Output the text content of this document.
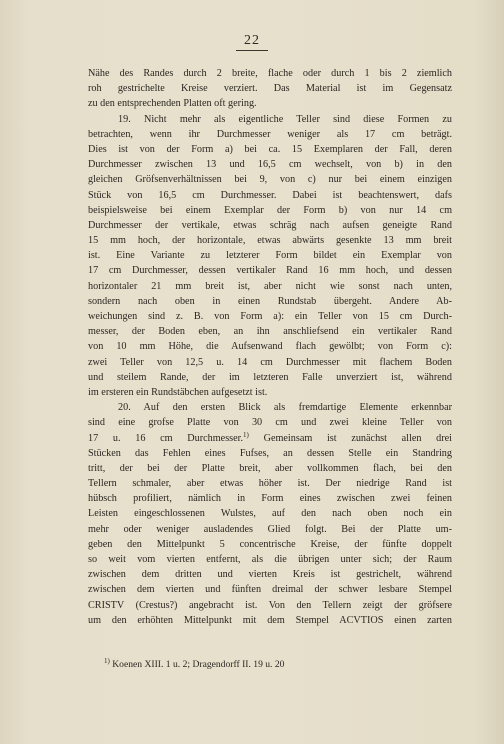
22
Nähe des Randes durch 2 breite, flache oder durch 1 bis 2 ziemlich
roh gestrichelte Kreise verziert. Das Material ist im Gegensatz
zu den entsprechenden Platten oft gering.
19. Nicht mehr als eigentliche Teller sind diese Formen zu
betrachten, wenn ihr Durchmesser weniger als 17 cm beträgt.
Dies ist von der Form a) bei ca. 15 Exemplaren der Fall, deren
Durchmesser zwischen 13 und 16,5 cm wechselt, von b) in den
gleichen Gröfsenverhältnissen bei 9, von c) nur bei einem einzigen
Stück von 16,5 cm Durchmesser. Dabei ist beachtenswert, dafs
beispielsweise bei einem Exemplar der Form b) von nur 14 cm
Durchmesser der vertikale, etwas schräg nach aufsen geneigte Rand
15 mm hoch, der horizontale, etwas abwärts gesenkte 13 mm breit
ist. Eine Variante zu letzterer Form bildet ein Exemplar von
17 cm Durchmesser, dessen vertikaler Rand 16 mm hoch, und dessen
horizontaler 21 mm breit ist, aber nicht wie sonst nach unten,
sondern nach oben in einen Rundstab übergeht. Andere Ab-
weichungen sind z. B. von Form a): ein Teller von 15 cm Durch-
messer, der Boden eben, an ihn anschliefsend ein vertikaler Rand
von 10 mm Höhe, die Aufsenwand flach gewölbt; von Form c):
zwei Teller von 12,5 u. 14 cm Durchmesser mit flachem Boden
und steilem Rande, der im letzteren Falle unverziert ist, während
im ersteren ein Rundstäbchen aufgesetzt ist.
20. Auf den ersten Blick als fremdartige Elemente erkennbar
sind eine grofse Platte von 30 cm und zwei kleine Teller von
17 u. 16 cm Durchmesser.$^{1)}$ Gemeinsam ist zunächst allen drei
Stücken das Fehlen eines Fufses, an dessen Stelle ein Standring
tritt, der bei der Platte breit, aber vollkommen flach, bei den
Tellern schmaler, aber etwas höher ist. Der niedrige Rand ist
hübsch profiliert, nämlich in Form eines zwischen zwei feinen
Leisten eingeschlossenen Wulstes, auf den nach oben noch ein
mehr oder weniger ausladendes Glied folgt. Bei der Platte um-
geben den Mittelpunkt 5 concentrische Kreise, der fünfte doppelt
so weit vom vierten entfernt, als die übrigen unter sich; der Raum
zwischen dem dritten und vierten Kreis ist gestrichelt, während
zwischen dem vierten und fünften dreimal der schwer lesbare Stempel
CRISTV (Crestus?) angebracht ist. Von den Tellern zeigt der gröfsere
um den erhöhten Mittelpunkt mit dem Stempel ACVTIOS einen zarten
$^{1)}$ Koenen XIII. 1 u. 2; Dragendorff II. 19 u. 20
